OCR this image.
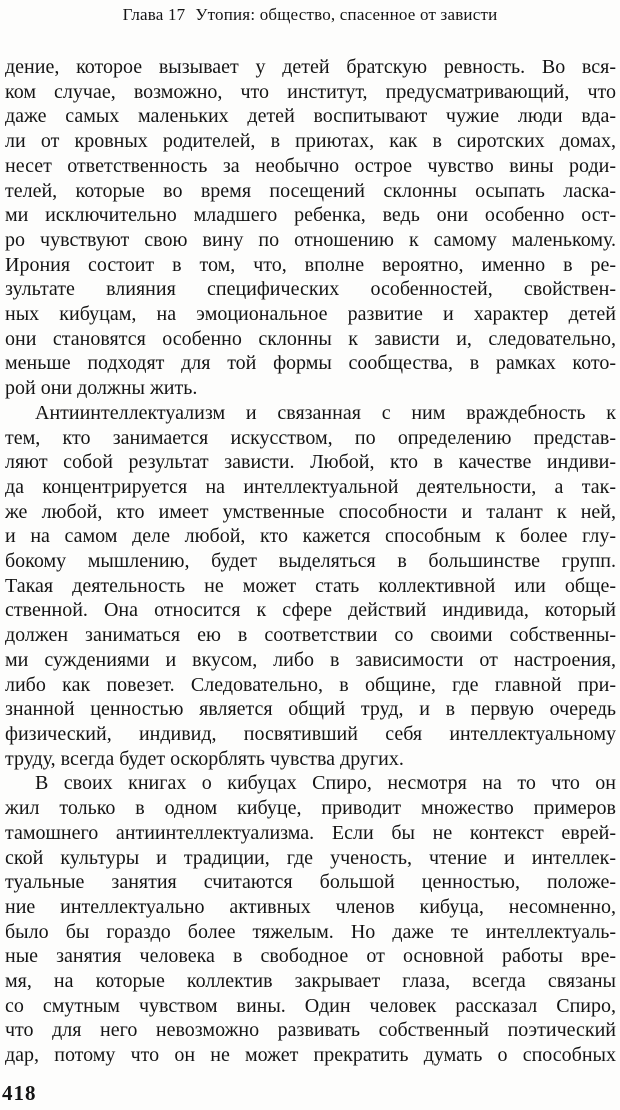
Глава 17 Утопия: общество, спасенное от зависти
дение, которое вызывает у детей братскую ревность. Во вся-
ком случае, возможно, что институт, предусматривающий, что
даже самых маленьких детей воспитывают чужие люди вда-
ли от кровных родителей, в приютах, как в сиротских домах,
несет ответственность за необычно острое чувство вины роди-
телей, которые во время посещений склонны осыпать ласка-
ми исключительно младшего ребенка, ведь они особенно ост-
ро чувствуют свою вину по отношению к самому маленькому.
Ирония состоит в том, что, вполне вероятно, именно в ре-
зультате влияния специфических особенностей, свойствен-
ных кибуцам, на эмоциональное развитие и характер детей
они становятся особенно склонны к зависти и, следовательно,
меньше подходят для той формы сообщества, в рамках кото-
рой они должны жить.
Антиинтеллектуализм и связанная с ним враждебность к
тем, кто занимается искусством, по определению представ-
ляют собой результат зависти. Любой, кто в качестве индиви-
да концентрируется на интеллектуальной деятельности, а так-
же любой, кто имеет умственные способности и талант к ней,
и на самом деле любой, кто кажется способным к более глу-
бокому мышлению, будет выделяться в большинстве групп.
Такая деятельность не может стать коллективной или обще-
ственной. Она относится к сфере действий индивида, который
должен заниматься ею в соответствии со своими собственны-
ми суждениями и вкусом, либо в зависимости от настроения,
либо как повезет. Следовательно, в общине, где главной при-
знанной ценностью является общий труд, и в первую очередь
физический, индивид, посвятивший себя интеллектуальному
труду, всегда будет оскорблять чувства других.
В своих книгах о кибуцах Спиро, несмотря на то что он
жил только в одном кибуце, приводит множество примеров
тамошнего антиинтеллектуализма. Если бы не контекст еврей-
ской культуры и традиции, где ученость, чтение и интеллек-
туальные занятия считаются большой ценностью, положе-
ние интеллектуально активных членов кибуца, несомненно,
было бы гораздо более тяжелым. Но даже те интеллектуаль-
ные занятия человека в свободное от основной работы вре-
мя, на которые коллектив закрывает глаза, всегда связаны
со смутным чувством вины. Один человек рассказал Спиро,
что для него невозможно развивать собственный поэтический
дар, потому что он не может прекратить думать о способных
418
